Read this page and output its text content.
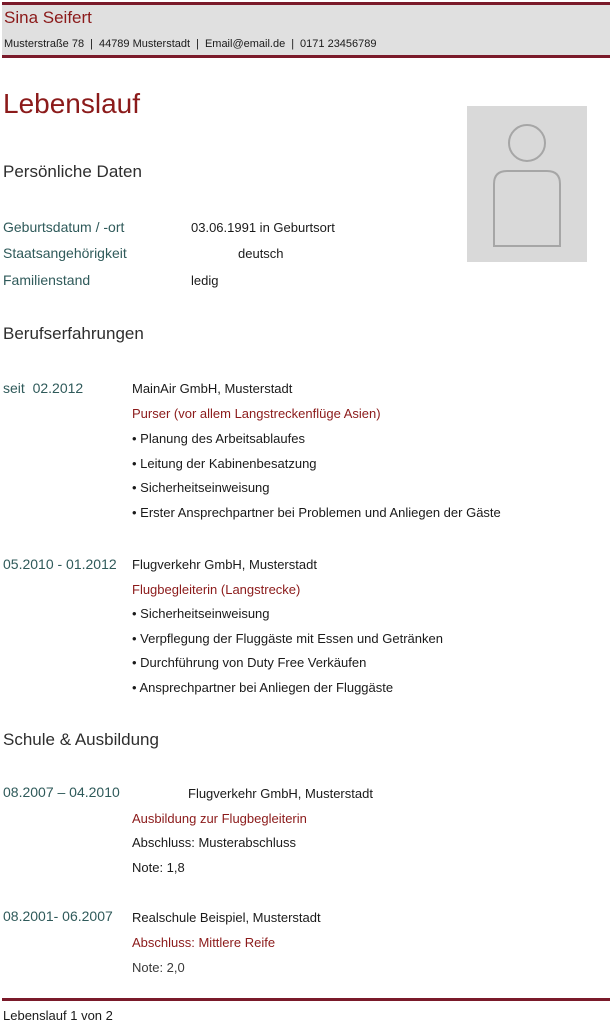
Sina Seifert
Musterstraße 78 | 44789 Musterstadt | Email@email.de | 0171 23456789
Lebenslauf
Persönliche Daten
Geburtsdatum / -ort	03.06.1991 in Geburtsort
Staatsangehörigkeit	deutsch
Familienstand	ledig
Berufserfahrungen
seit  02.2012	MainAir GmbH, Musterstadt
Purser (vor allem Langstreckenflüge Asien)
• Planung des Arbeitsablaufes
• Leitung der Kabinenbesatzung
• Sicherheitseinweisung
• Erster Ansprechpartner bei Problemen und Anliegen der Gäste
05.2010 - 01.2012 Flugverkehr GmbH, Musterstadt
Flugbegleiterin (Langstrecke)
• Sicherheitseinweisung
• Verpflegung der Fluggäste mit Essen und Getränken
• Durchführung von Duty Free Verkäufen
• Ansprechpartner bei Anliegen der Fluggäste
Schule & Ausbildung
08.2007 – 04.2010	Flugverkehr GmbH, Musterstadt
Ausbildung zur Flugbegleiterin
Abschluss: Musterabschluss
Note: 1,8
08.2001- 06.2007 Realschule Beispiel, Musterstadt
Abschluss: Mittlere Reife
Note: 2,0
Lebenslauf 1 von 2
